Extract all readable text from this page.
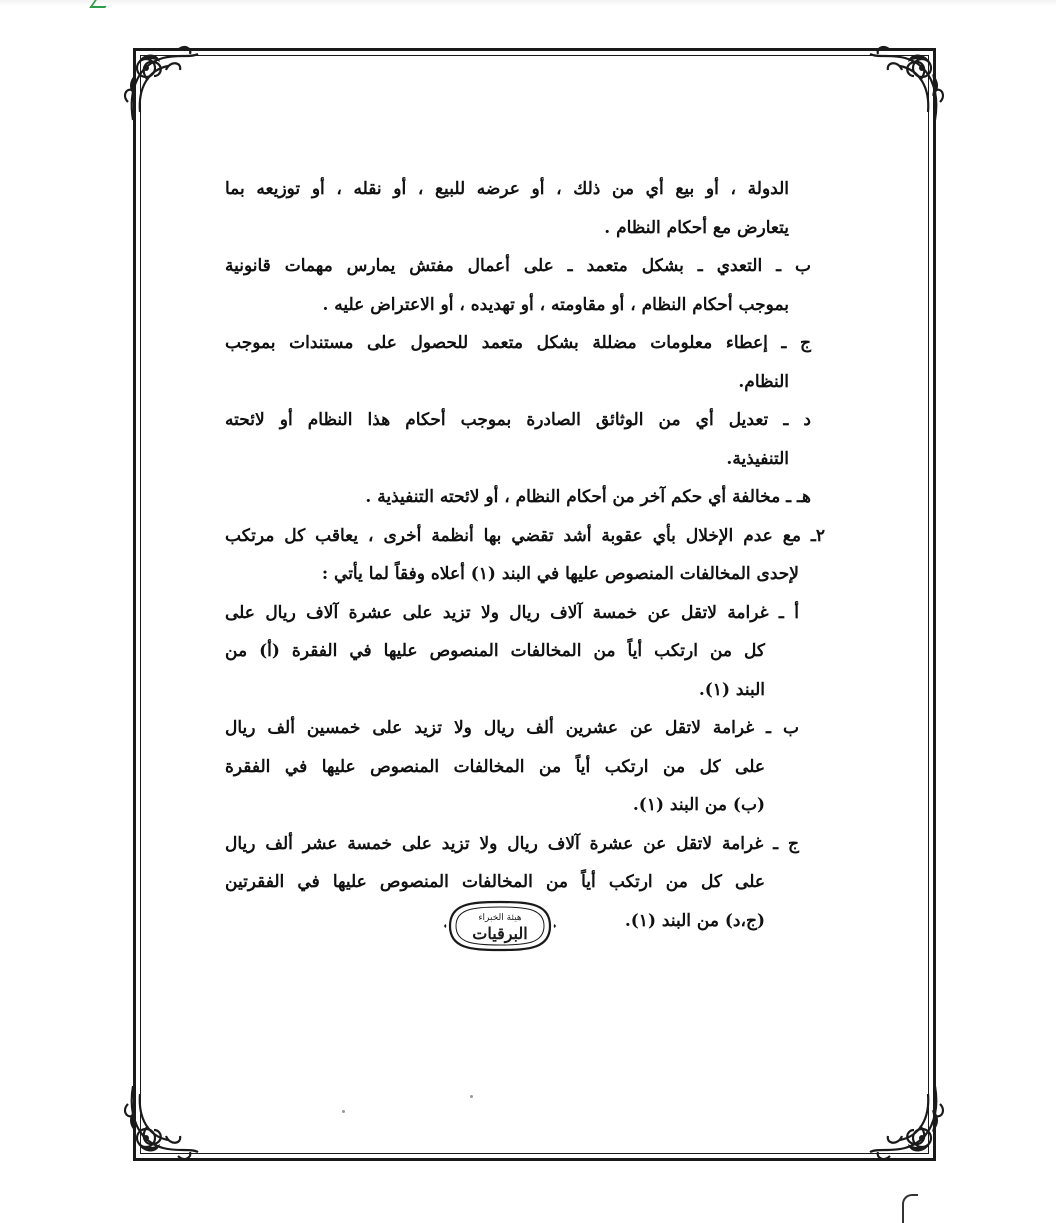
الدولة ، أو بيع أي من ذلك ، أو عرضه للبيع ، أو نقله ، أو توزيعه بما
يتعارض مع أحكام النظام .
ب ـ التعدي ـ بشكل متعمد ـ على أعمال مفتش يمارس مهمات قانونية
بموجب أحكام النظام ، أو مقاومته ، أو تهديده ، أو الاعتراض عليه .
ج ـ إعطاء معلومات مضللة بشكل متعمد للحصول على مستندات بموجب
النظام.
د ـ تعديل أي من الوثائق الصادرة بموجب أحكام هذا النظام أو لائحته
التنفيذية.
هـ ـ مخالفة أي حكم آخر من أحكام النظام ، أو لائحته التنفيذية .
٢ـ مع عدم الإخلال بأي عقوبة أشد تقضي بها أنظمة أخرى ، يعاقب كل مرتكب
لإحدى المخالفات المنصوص عليها في البند (١) أعلاه وفقاً لما يأتي :
أ ـ غرامة لاتقل عن خمسة آلاف ريال ولا تزيد على عشرة آلاف ريال على
كل من ارتكب أياً من المخالفات المنصوص عليها في الفقرة (أ) من
البند (١).
ب ـ غرامة لاتقل عن عشرين ألف ريال ولا تزيد على خمسين ألف ريال
على كل من ارتكب أياً من المخالفات المنصوص عليها في الفقرة
(ب) من البند (١).
ج ـ غرامة لاتقل عن عشرة آلاف ريال ولا تزيد على خمسة عشر ألف ريال
على كل من ارتكب أياً من المخالفات المنصوص عليها في الفقرتين
(ج،د) من البند (١).
هيئة الخبراء
البرقيات
